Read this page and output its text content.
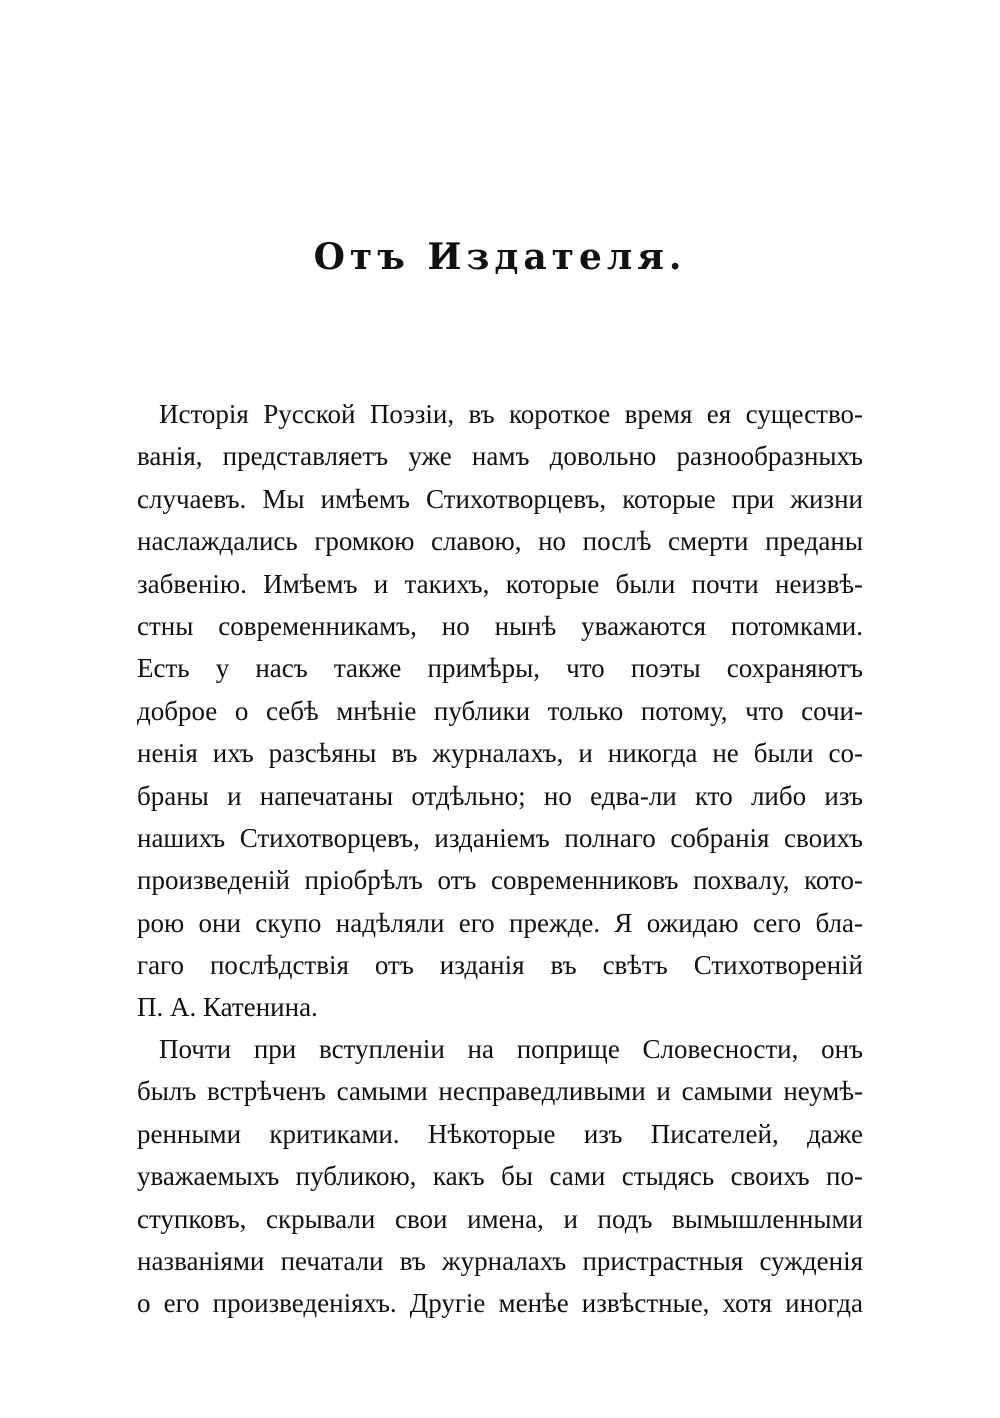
Отъ Издателя.
Исторія Русской Поэзіи, въ короткое время ея существо-
ванія, представляетъ уже намъ довольно разнообразныхъ
случаевъ. Мы имѣемъ Стихотворцевъ, которые при жизни
наслаждались громкою славою, но послѣ смерти преданы
забвенію. Имѣемъ и такихъ, которые были почти неизвѣ-
стны современникамъ, но нынѣ уважаются потомками.
Есть у насъ также примѣры, что поэты сохраняютъ
доброе о себѣ мнѣніе публики только потому, что сочи-
ненія ихъ разсѣяны въ журналахъ, и никогда не были со-
браны и напечатаны отдѣльно; но едва-ли кто либо изъ
нашихъ Стихотворцевъ, изданіемъ полнаго собранія своихъ
произведеній пріобрѣлъ отъ современниковъ похвалу, кото-
рою они скупо надѣляли его прежде. Я ожидаю сего бла-
гаго послѣдствія отъ изданія въ свѣтъ Стихотвореній
П. А. Катенина.
Почти при вступленіи на поприще Словесности, онъ
былъ встрѣченъ самыми несправедливыми и самыми неумѣ-
ренными критиками. Нѣкоторые изъ Писателей, даже
уважаемыхъ публикою, какъ бы сами стыдясь своихъ по-
ступковъ, скрывали свои имена, и подъ вымышленными
названіями печатали въ журналахъ пристрастныя сужденія
о его произведеніяхъ. Другіе менѣе извѣстные, хотя иногда
